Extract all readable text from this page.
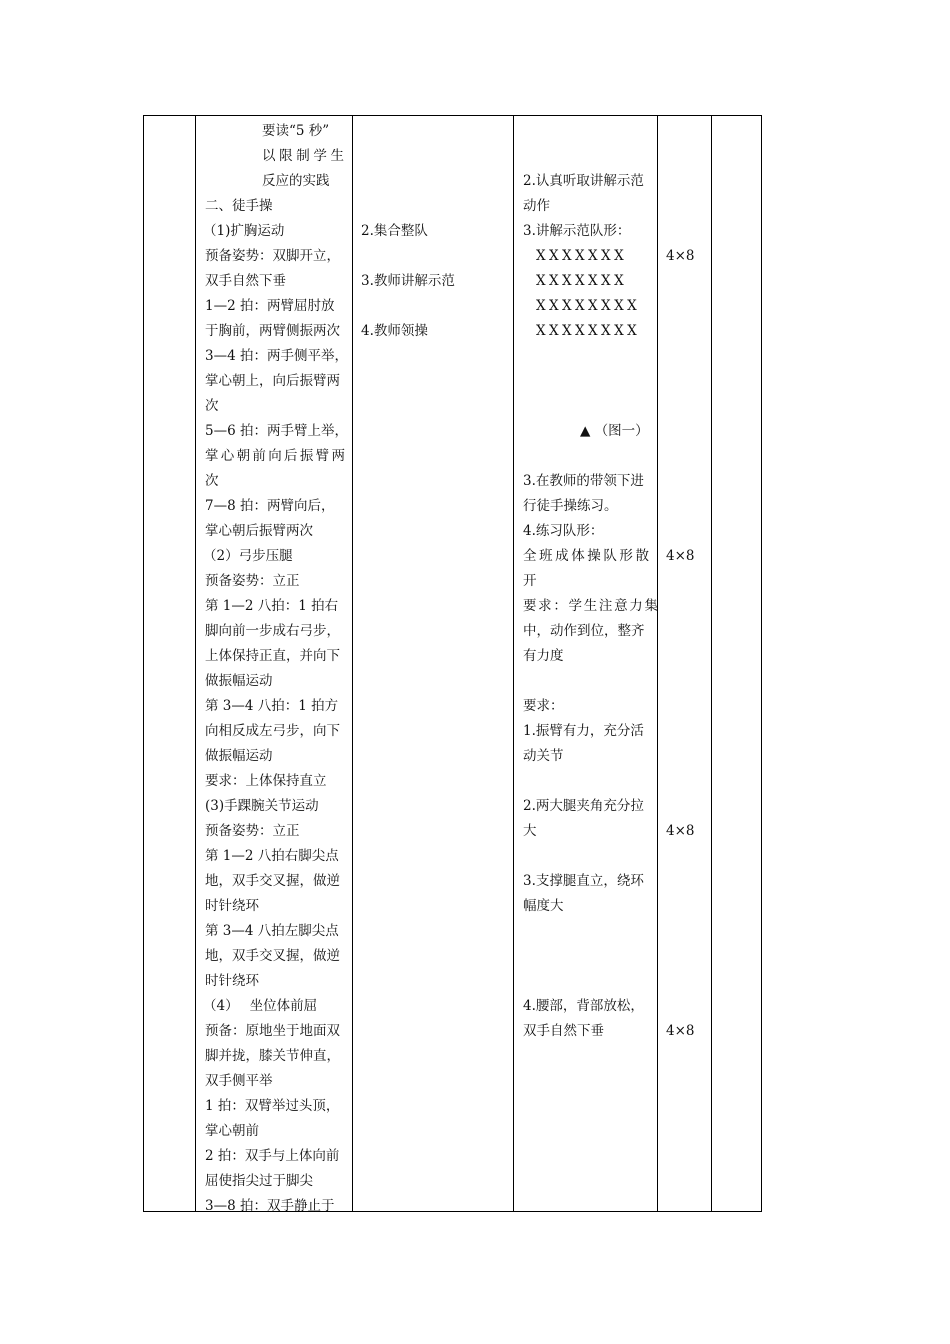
要读“5 秒”
以限制学生
反应的实践
二、徒手操
（1)扩胸运动
预备姿势：双脚开立，
双手自然下垂
1—2 拍：两臂屈肘放
于胸前，两臂侧振两次
3—4 拍：两手侧平举，
掌心朝上，向后振臂两
次
5—6 拍：两手臂上举，
掌心朝前向后振臂两
次
7—8 拍：两臂向后，
掌心朝后振臂两次
（2）弓步压腿
预备姿势：立正
第 1—2 八拍：1 拍右
脚向前一步成右弓步，
上体保持正直，并向下
做振幅运动
第 3—4 八拍：1 拍方
向相反成左弓步，向下
做振幅运动
要求：上体保持直立
(3)手踝腕关节运动
预备姿势：立正
第 1—2 八拍右脚尖点
地，双手交叉握，做逆
时针绕环
第 3—4 八拍左脚尖点
地，双手交叉握，做逆
时针绕环
（4）　 坐位体前屈
预备：原地坐于地面双
脚并拢，膝关节伸直，
双手侧平举
1 拍：双臂举过头顶，
掌心朝前
2 拍：双手与上体向前
屈使指尖过于脚尖
3—8 拍：双手静止于
2.集合整队
3.教师讲解示范
4.教师领操
2.认真听取讲解示范
动作
3.讲解示范队形：
XXXXXXX
XXXXXXX
XXXXXXXX
XXXXXXXX
▲ （图一）
3.在教师的带领下进
行徒手操练习。
4.练习队形：
全班成体操队形散
开
要求：学生注意力集
中，动作到位，整齐
有力度
要求：
1.振臂有力，充分活
动关节
2.两大腿夹角充分拉
大
3.支撑腿直立，绕环
幅度大
4.腰部，背部放松，
双手自然下垂
4×8
4×8
4×8
4×8
